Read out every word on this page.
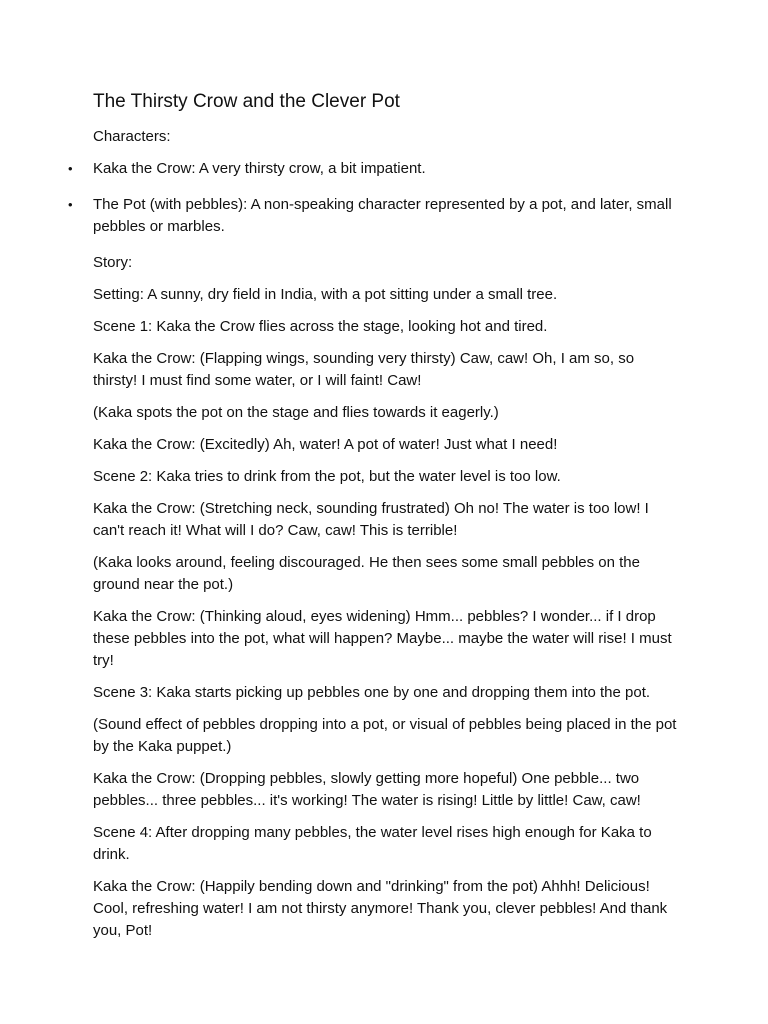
The Thirsty Crow and the Clever Pot

Characters:

• Kaka the Crow: A very thirsty crow, a bit impatient.
• The Pot (with pebbles): A non-speaking character represented by a pot, and later, small pebbles or marbles.

Story:

Setting: A sunny, dry field in India, with a pot sitting under a small tree.

Scene 1: Kaka the Crow flies across the stage, looking hot and tired.

Kaka the Crow: (Flapping wings, sounding very thirsty) Caw, caw! Oh, I am so, so thirsty! I must find some water, or I will faint! Caw!

(Kaka spots the pot on the stage and flies towards it eagerly.)

Kaka the Crow: (Excitedly) Ah, water! A pot of water! Just what I need!

Scene 2: Kaka tries to drink from the pot, but the water level is too low.

Kaka the Crow: (Stretching neck, sounding frustrated) Oh no! The water is too low! I can't reach it! What will I do? Caw, caw! This is terrible!

(Kaka looks around, feeling discouraged. He then sees some small pebbles on the ground near the pot.)

Kaka the Crow: (Thinking aloud, eyes widening) Hmm... pebbles? I wonder... if I drop these pebbles into the pot, what will happen? Maybe... maybe the water will rise! I must try!

Scene 3: Kaka starts picking up pebbles one by one and dropping them into the pot.

(Sound effect of pebbles dropping into a pot, or visual of pebbles being placed in the pot by the Kaka puppet.)

Kaka the Crow: (Dropping pebbles, slowly getting more hopeful) One pebble... two pebbles... three pebbles... it's working! The water is rising! Little by little! Caw, caw!

Scene 4: After dropping many pebbles, the water level rises high enough for Kaka to drink.

Kaka the Crow: (Happily bending down and "drinking" from the pot) Ahhh! Delicious! Cool, refreshing water! I am not thirsty anymore! Thank you, clever pebbles! And thank you, Pot!
